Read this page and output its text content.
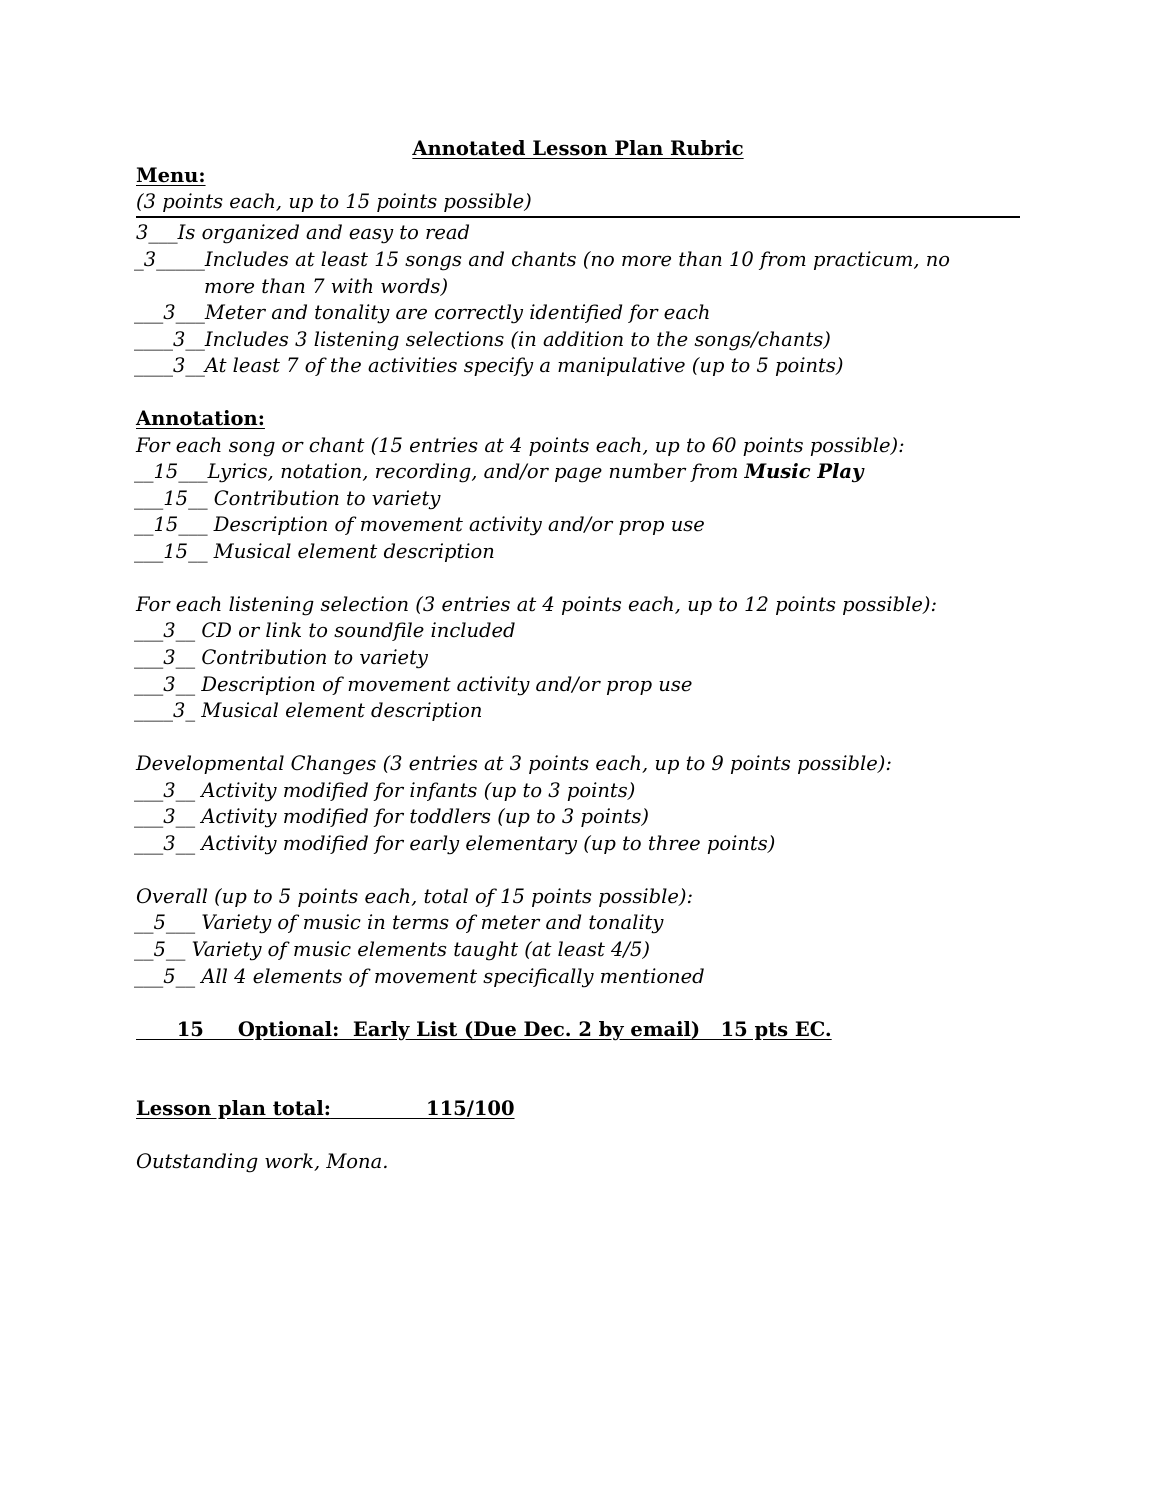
Annotated Lesson Plan Rubric

Menu:

(3 points each, up to 15 points possible)

3___Is organized and easy to read

_3_____Includes at least 15 songs and chants (no more than 10 from practicum, no

more than 7 with words)

___3___Meter and tonality are correctly identified for each

____3__Includes 3 listening selections (in addition to the songs/chants)

____3__At least 7 of the activities specify a manipulative (up to 5 points)

Annotation:

For each song or chant (15 entries at 4 points each, up to 60 points possible):

__15___Lyrics, notation, recording, and/or page number from Music Play

___15__ Contribution to variety

__15___ Description of movement activity and/or prop use

___15__ Musical element description

For each listening selection (3 entries at 4 points each, up to 12 points possible):

___3__ CD or link to soundfile included

___3__ Contribution to variety

___3__ Description of movement activity and/or prop use

____3_ Musical element description

Developmental Changes (3 entries at 3 points each, up to 9 points possible):

___3__ Activity modified for infants (up to 3 points)

___3__ Activity modified for toddlers (up to 3 points)

___3__ Activity modified for early elementary (up to three points)

Overall (up to 5 points each, total of 15 points possible):

__5___ Variety of music in terms of meter and tonality

__5__ Variety of music elements taught (at least 4/5)

___5__ All 4 elements of movement specifically mentioned

15     Optional:  Early List (Due Dec. 2 by email)   15 pts EC.

Lesson plan total:	115/100

Outstanding work, Mona.
